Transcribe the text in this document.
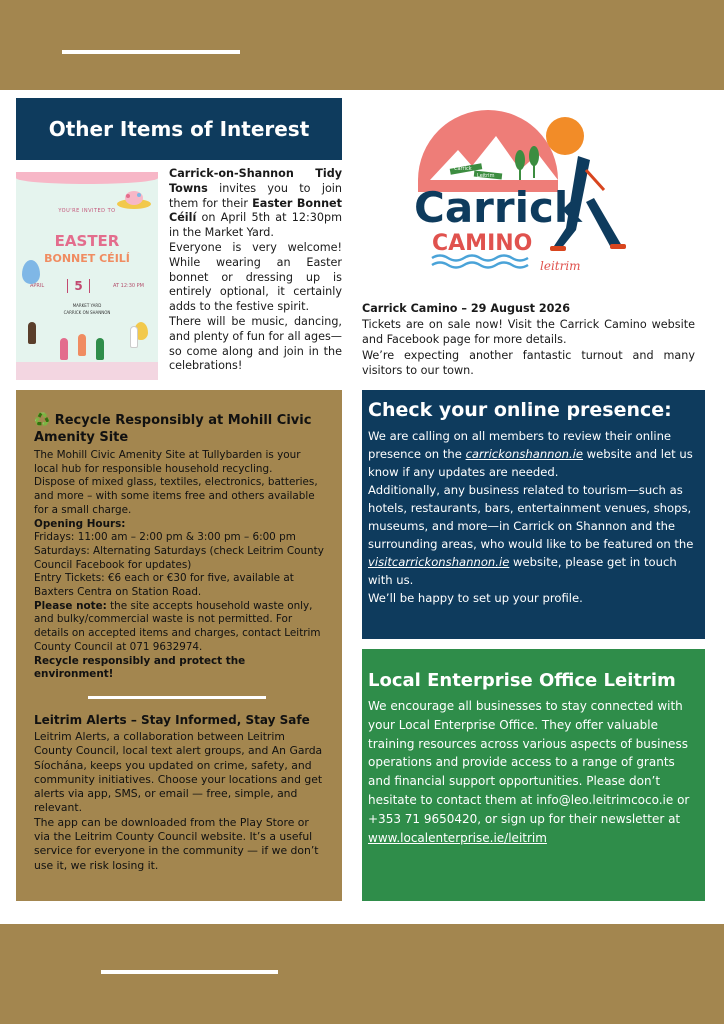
Other Items of Interest
YOU'RE INVITED TO
EASTER
BONNET CÉILÍ
APRIL	5	AT 12:30 PM
MARKET YARD
CARRICK ON SHANNON

Carrick-on-Shannon Tidy Towns invites you to join them for their Easter Bonnet Céilí on April 5th at 12:30pm in the Market Yard.

Everyone is very welcome! While wearing an Easter bonnet or dressing up is entirely optional, it certainly adds to the festive spirit.

There will be music, dancing, and plenty of fun for all ages—so come along and join in the celebrations!

Carrick
Leitrim
Carrick
CAMINO
leitrim

Carrick Camino – 29 August 2026

Tickets are on sale now! Visit the Carrick Camino website and Facebook page for more details.

We’re expecting another fantastic turnout and many visitors to our town.

♻️ Recycle Responsibly at Mohill Civic Amenity Site

The Mohill Civic Amenity Site at Tullybarden is your local hub for responsible household recycling.

Dispose of mixed glass, textiles, electronics, batteries, and more – with some items free and others available for a small charge.

Opening Hours:

Fridays: 11:00 am – 2:00 pm & 3:00 pm – 6:00 pm

Saturdays: Alternating Saturdays (check Leitrim County Council Facebook for updates)

Entry Tickets: €6 each or €30 for five, available at Baxters Centra on Station Road.

Please note: the site accepts household waste only, and bulky/commercial waste is not permitted. For details on accepted items and charges, contact Leitrim County Council at 071 9632974.

Recycle responsibly and protect the environment!

Leitrim Alerts – Stay Informed, Stay Safe

Leitrim Alerts, a collaboration between Leitrim County Council, local text alert groups, and An Garda Síochána, keeps you updated on crime, safety, and community initiatives. Choose your locations and get alerts via app, SMS, or email — free, simple, and relevant.

The app can be downloaded from the Play Store or via the Leitrim County Council website. It’s a useful service for everyone in the community — if we don’t use it, we risk losing it.

Check your online presence:

We are calling on all members to review their online presence on the carrickonshannon.ie website and let us know if any updates are needed.

Additionally, any business related to tourism—such as hotels, restaurants, bars, entertainment venues, shops, museums, and more—in Carrick on Shannon and the surrounding areas, who would like to be featured on the visitcarrickonshannon.ie website, please get in touch with us.

We’ll be happy to set up your profile.

Local Enterprise Office Leitrim
We encourage all businesses to stay connected with your Local Enterprise Office. They offer valuable training resources across various aspects of business operations and provide access to a range of grants and financial support opportunities. Please don’t hesitate to contact them at info@leo.leitrimcoco.ie or +353 71 9650420, or sign up for their newsletter at www.localenterprise.ie/leitrim
